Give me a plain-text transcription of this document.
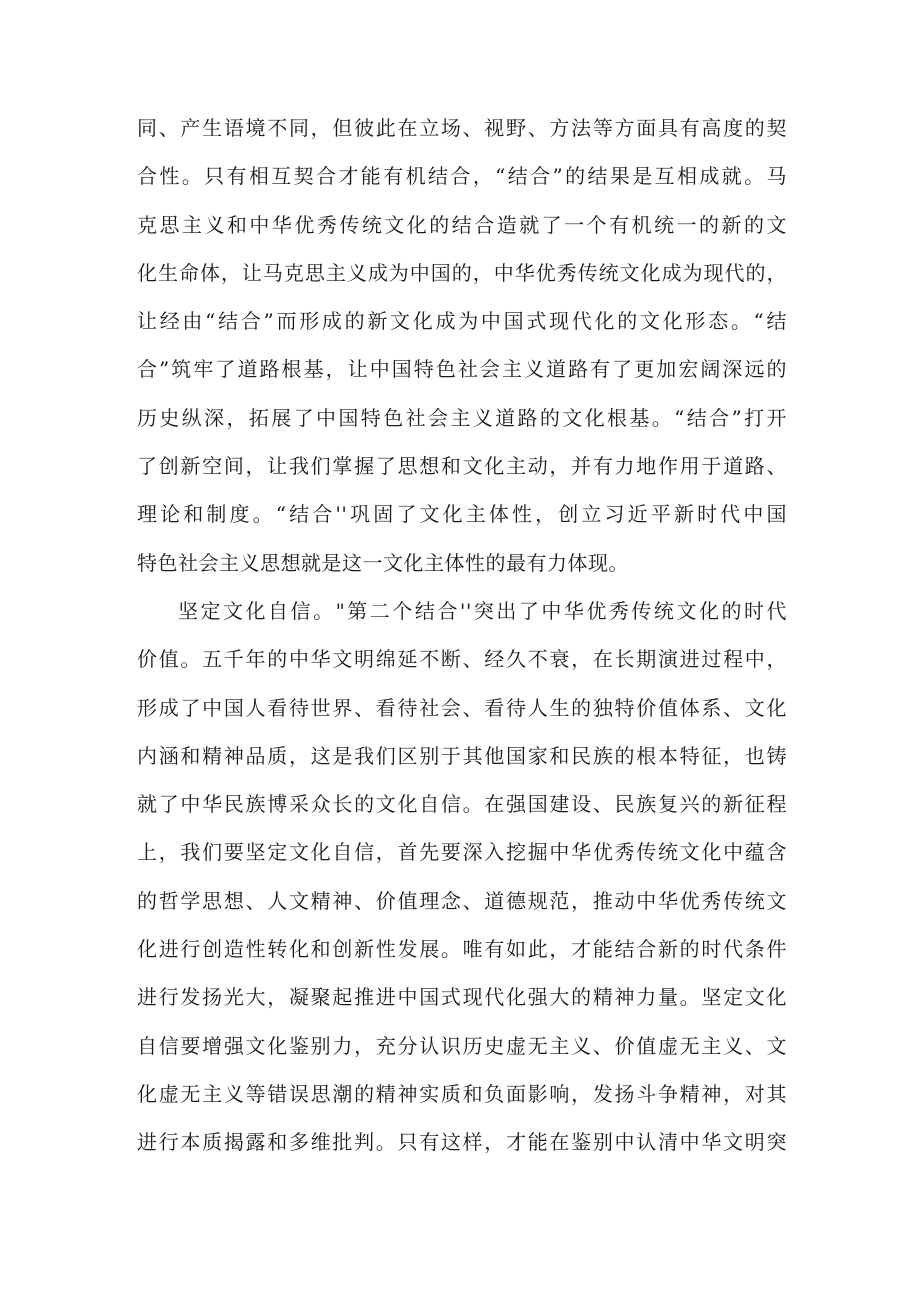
同、产生语境不同，但彼此在立场、视野、方法等方面具有高度的契
合性。只有相互契合才能有机结合，“结合”的结果是互相成就。马
克思主义和中华优秀传统文化的结合造就了一个有机统一的新的文
化生命体，让马克思主义成为中国的，中华优秀传统文化成为现代的，
让经由“结合”而形成的新文化成为中国式现代化的文化形态。“结
合”筑牢了道路根基，让中国特色社会主义道路有了更加宏阔深远的
历史纵深，拓展了中国特色社会主义道路的文化根基。“结合”打开
了创新空间，让我们掌握了思想和文化主动，并有力地作用于道路、
理论和制度。“结合''巩固了文化主体性，创立习近平新时代中国
特色社会主义思想就是这一文化主体性的最有力体现。
坚定文化自信。"第二个结合''突出了中华优秀传统文化的时代
价值。五千年的中华文明绵延不断、经久不衰，在长期演进过程中，
形成了中国人看待世界、看待社会、看待人生的独特价值体系、文化
内涵和精神品质，这是我们区别于其他国家和民族的根本特征，也铸
就了中华民族博采众长的文化自信。在强国建设、民族复兴的新征程
上，我们要坚定文化自信，首先要深入挖掘中华优秀传统文化中蕴含
的哲学思想、人文精神、价值理念、道德规范，推动中华优秀传统文
化进行创造性转化和创新性发展。唯有如此，才能结合新的时代条件
进行发扬光大，凝聚起推进中国式现代化强大的精神力量。坚定文化
自信要增强文化鉴别力，充分认识历史虚无主义、价值虚无主义、文
化虚无主义等错误思潮的精神实质和负面影响，发扬斗争精神，对其
进行本质揭露和多维批判。只有这样，才能在鉴别中认清中华文明突
